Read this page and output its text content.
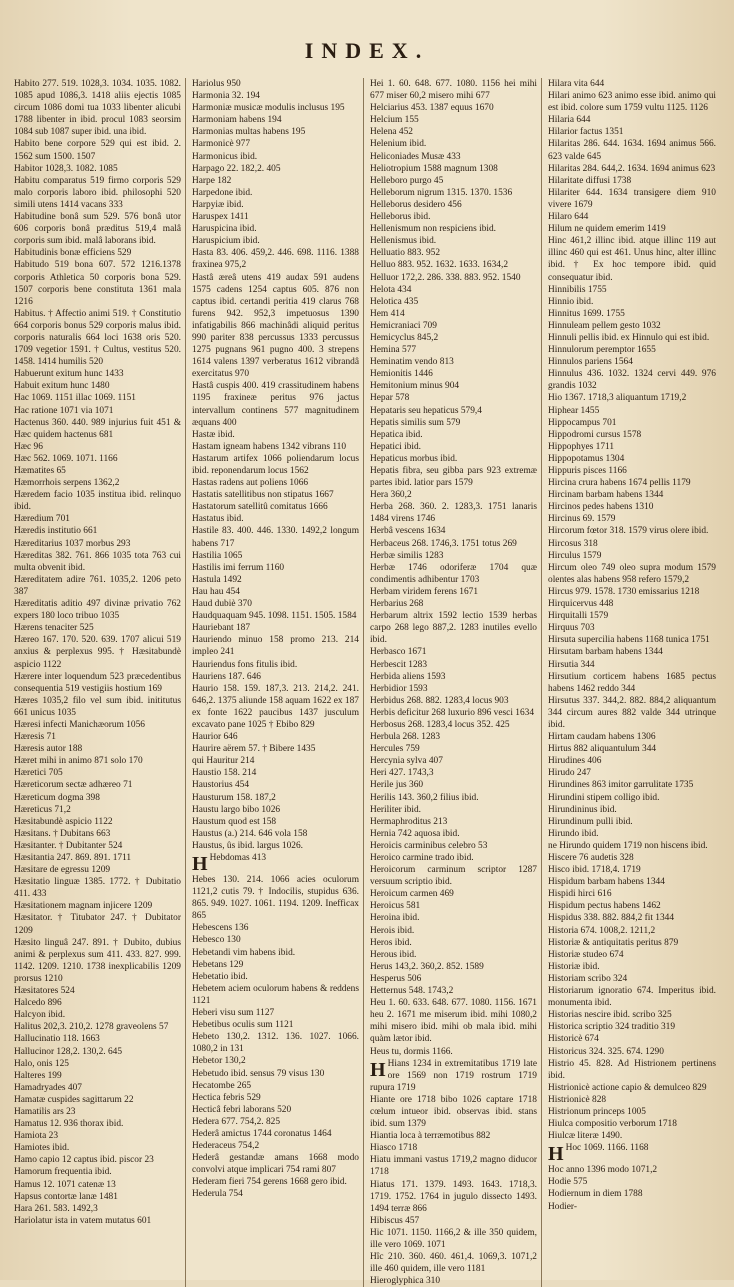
INDEX.
Habito 277. 519. 1028,3. 1034. 1035. 1082. 1085 apud 1086,3. 1418 aliis ejectis 1085 circum 1086 domi tua 1033 libenter alicubi 1788 libenter in ibid. procul 1083 seorsim 1084 sub 1087 super ibid. una ibid.
Habito bene corpore 529 qui est ibid. 2. 1562 sum 1500. 1507
Habitor 1028,3. 1082. 1085
Habitu comparatus 519 firmo corporis 529 malo corporis laboro ibid. philosophi 520 simili utens 1414 vacans 333
Habitudine bonâ sum 529. 576 bonâ utor 606 corporis bonâ præditus 519,4 malâ corporis sum ibid. malâ laborans ibid.
Habitudinis bonæ efficiens 529
Habitudo 519 bona 607. 572 1216.1378 corporis Athletica 50 corporis bona 529. 1507 corporis bene constituta 1361 mala 1216
Habitus. † Affectio animi 519. † Constitutio 664 corporis bonus 529 corporis malus ibid. corporis naturalis 664 loci 1638 oris 520. 1709 vegetior 1591. † Cultus, vestitus 520. 1458. 1414 humilis 520
Habuerunt exitum hunc 1433
Habuit exitum hunc 1480
Hac 1069. 1151 illac 1069. 1151
Hac ratione 1071 via 1071
Hactenus 360. 440. 989 injurius fuit 451 & Hæc quidem hactenus 681
Hæc 96
Hæc 562. 1069. 1071. 1166
Hæmatites 65
Hæmorrhois serpens 1362,2
Hæredem facio 1035 institua ibid. relinquo ibid.
Hæredium 701
Hæredis institutio 661
Hæreditarius 1037 morbus 293
Hæreditas 382. 761. 866 1035 tota 763 cui multa obvenit ibid.
Hæreditatem adire 761. 1035,2. 1206 peto 387
Hæreditatis aditio 497 divinæ privatio 762 expers 180 loco tribuo 1035
Hærens tenaciter 525
Hæreo 167. 170. 520. 639. 1707 alicui 519 anxius & perplexus 995. † Hæsitabundè aspicio 1122
Hærere inter loquendum 523 præcedentibus consequentia 519 vestigiis hostium 169
Hæres 1035,2 filo vel sum ibid. inititutus 661 unicus 1035
Hæresi infecti Manichæorum 1056
Hæresis 71
Hæresis autor 188
Hæret mihi in animo 871 solo 170
Hæretici 705
Hæreticorum sectæ adhæreo 71
Hæreticum dogma 398
Hæreticus 71,2
Hæsitabundè aspicio 1122
Hæsitans. † Dubitans 663
Hæsitanter. † Dubitanter 524
Hæsitantia 247. 869. 891. 1711
Hæsitare de egressu 1209
Hæsitatio linguæ 1385. 1772. † Dubitatio 411. 433
Hæsitationem magnam injicere 1209
Hæsitator. † Titubator 247. † Dubitator 1209
Hæsito linguâ 247. 891. † Dubito, dubius animi & perplexus sum 411. 433. 827. 999. 1142. 1209. 1210. 1738 inexplicabilis 1209 prorsus 1210
Hæsitatores 524
Halcedo 896
Halcyon ibid.
Halitus 202,3. 210,2. 1278 graveolens 57
Hallucinatio 118. 1663
Hallucinor 128,2. 130,2. 645
Halo, onis 125
Halteres 199
Hamadryades 407
Hamatæ cuspides sagittarum 22
Hamatilis ars 23
Hamatus 12. 936 thorax ibid.
Hamiota 23
Hamiotes ibid.
Hamo capio 12 captus ibid. piscor 23
Hamorum frequentia ibid.
Hamus 12. 1071 catenæ 13
Hapsus contortæ lanæ 1481
Hara 261. 583. 1492,3
Hariolatur ista in vatem mutatus 601
Hariolus 950
Harmonia 32. 194
Harmoniæ musicæ modulis inclusus 195
Harmoniam habens 194
Harmonias multas habens 195
Harmonicè 977
Harmonicus ibid.
Harpago 22. 182,2. 405
Harpe 182
Harpedone ibid.
Harpyiæ ibid.
Haruspex 1411
Haruspicina ibid.
Haruspicium ibid.
Hasta 83. 406. 459,2. 446. 698. 1116. 1388 fraxinea 975,2
Hastâ æreâ utens 419 audax 591 audens 1575 cadens 1254 captus 605. 876 non captus ibid. certandi peritia 419 clarus 768 furens 942. 952,3 impetuosus 1390 infatigabilis 866 machinâdi aliquid peritus 990 pariter 838 percussus 1333 percussus 1275 pugnans 961 pugno 400. 3 strepens 1614 valens 1397 verberatus 1612 vibrandâ exercitatus 970
Hastâ cuspis 400. 419 crassitudinem habens 1195 fraxineæ peritus 976 jactus intervallum continens 577 magnitudinem æquans 400
Hastæ ibid.
Hastam igneam habens 1342 vibrans 110
Hastarum artifex 1066 poliendarum locus ibid. reponendarum locus 1562
Hastas radens aut poliens 1066
Hastatis satellitibus non stipatus 1667
Hastatorum satellitû comitatus 1666
Hastatus ibid.
Hastile 83. 400. 446. 1330. 1492,2 longum habens 717
Hastilia 1065
Hastilis imi ferrum 1160
Hastula 1492
Hau hau 454
Haud dubiè 370
Haudquaquam 945. 1098. 1151. 1505. 1584
Hauriebant 187
Hauriendo minuo 158 promo 213. 214 impleo 241
Hauriendus fons fitulis ibid.
Hauriens 187. 646
Haurio 158. 159. 187,3. 213. 214,2. 241. 646,2. 1375 aliunde 158 aquam 1622 ex 187 ex fonte 1622 paucibus 1437 jusculum excavato pane 1025 † Ebibo 829
Haurior 646
Haurire aërem 57. † Bibere 1435
qui Hauritur 214
Haustio 158. 214
Haustorius 454
Hausturum 158. 187,2
Haustu largo bibo 1026
Haustum quod est 158
Haustus (a.) 214. 646 vola 158
Haustus, ûs ibid. largus 1026.
H Hebdomas 413
Hebes 130. 214. 1066 acies oculorum 1121,2 cutis 79. † Indocilis, stupidus 636. 865. 949. 1027. 1061. 1194. 1209. Inefficax 865
Hebescens 136
Hebesco 130
Hebetandi vim habens ibid.
Hebetans 129
Hebetatio ibid.
Hebetem aciem oculorum habens & reddens 1121
Heberi visu sum 1127
Hebetibus oculis sum 1121
Hebeto 130,2. 1312. 136. 1027. 1066. 1080,2 in 131
Hebetor 130,2
Hebetudo ibid. sensus 79 visus 130
Hecatombe 265
Hectica febris 529
Hecticâ febri laborans 520
Hedera 677. 754,2. 825
Hederâ amictus 1744 coronatus 1464
Hederaceus 754,2
Hederâ gestandæ amans 1668 modo convolvi atque implicari 754 rami 807
Hederam fieri 754 gerens 1668 gero ibid.
Hederula 754
Hei 1. 60. 648. 677. 1080. 1156 hei mihi 677 miser 60,2 misero mihi 677
Helciarius 453. 1387 equus 1670
Helcium 155
Helena 452
Helenium ibid.
Heliconiades Musæ 433
Heliotropium 1588 magnum 1308
Helleboro purgo 45
Helleborum nigrum 1315. 1370. 1536
Helleborus desidero 456
Helleborus ibid.
Hellenismum non respiciens ibid.
Hellenismus ibid.
Helluatio 883. 952
Helluo 883. 952. 1632. 1633. 1634,2
Helluor 172,2. 286. 338. 883. 952. 1540
Helota 434
Helotica 435
Hem 414
Hemicraniaci 709
Hemicyclus 845,2
Hemina 577
Heminatim vendo 813
Hemionitis 1446
Hemitonium minus 904
Hepar 578
Hepataris seu hepaticus 579,4
Hepatis similis sum 579
Hepatica ibid.
Hepatici ibid.
Hepaticus morbus ibid.
Hepatis fibra, seu gibba pars 923 extremæ partes ibid. latior pars 1579
Hera 360,2
Herba 268. 360. 2. 1283,3. 1751 lanaris 1484 virens 1746
Herbâ vescens 1634
Herbaceus 268. 1746,3. 1751 totus 269
Herbæ similis 1283
Herbæ 1746 odoriferæ 1704 quæ condimentis adhibentur 1703
Herbam viridem ferens 1671
Herbarius 268
Herbarum altrix 1592 lectio 1539 herbas carpo 268 lego 887,2. 1283 inutiles evello ibid.
Herbasco 1671
Herbescit 1283
Herbida aliens 1593
Herbidior 1593
Herbidus 268. 882. 1283,4 locus 903
Herbis deficitur 268 luxurio 896 vesci 1634
Herbosus 268. 1283,4 locus 352. 425
Herbula 268. 1283
Hercules 759
Hercynia sylva 407
Heri 427. 1743,3
Herile jus 360
Herilis 143. 360,2 filius ibid.
Heriliter ibid.
Hermaphroditus 213
Hernia 742 aquosa ibid.
Heroicis carminibus celebro 53
Heroico carmine trado ibid.
Heroicorum carminum scriptor 1287 versuum scriptio ibid.
Heroicum carmen 469
Heroicus 581
Heroina ibid.
Herois ibid.
Heros ibid.
Herous ibid.
Herus 143,2. 360,2. 852. 1589
Hesperus 506
Hetternus 548. 1743,2
Heu 1. 60. 633. 648. 677. 1080. 1156. 1671 heu 2. 1671 me miserum ibid. mihi 1080,2 mihi misero ibid. mihi ob mala ibid. mihi quàm lætor ibid.
Heus tu, dormis 1166.
H Hians 1234 in extremitatibus 1719 late ore 1569 non 1719 rostrum 1719 rupura 1719
Hiante ore 1718 bibo 1026 captare 1718 cœlum intueor ibid. observas ibid. stans ibid. sum 1379
Hiantia loca à terræmotibus 882
Hiasco 1718
Hiatu immani vastus 1719,2 magno diducor 1718
Hiatus 171. 1379. 1493. 1643. 1718,3. 1719. 1752. 1764 in jugulo dissecto 1493. 1494 terræ 866
Hibiscus 457
Hic 1071. 1150. 1166,2 & ille 350 quidem, ille vero 1069. 1071
Hîc 210. 360. 460. 461,4. 1069,3. 1071,2 ille 460 quidem, ille vero 1181
Hieroglyphica 310
Hilara vita 644
Hilari animo 623 animo esse ibid. animo qui est ibid. colore sum 1759 vultu 1125. 1126
Hilaria 644
Hilarior factus 1351
Hilaritas 286. 644. 1634. 1694 animus 566. 623 valde 645
Hilaritas 284. 644,2. 1634. 1694 animus 623
Hilaritate diffusi 1738
Hilariter 644. 1634 transigere diem 910 vivere 1679
Hilaro 644
Hilum ne quidem emerim 1419
Hinc 461,2 illinc ibid. atque illinc 119 aut illinc 460 qui est 461. Unus hinc, alter illinc ibid. † Ex hoc tempore ibid. quid consequatur ibid.
Hinnibilis 1755
Hinnio ibid.
Hinnitus 1699. 1755
Hinnuleam pellem gesto 1032
Hinnuli pellis ibid. ex Hinnulo qui est ibid.
Hinnulorum peremptor 1655
Hinnulos pariens 1564
Hinnulus 436. 1032. 1324 cervi 449. 976 grandis 1032
Hio 1367. 1718,3 aliquantum 1719,2
Hiphear 1455
Hippocampus 701
Hippodromi cursus 1578
Hippophyes 1711
Hippopotamus 1304
Hippuris pisces 1166
Hircina crura habens 1674 pellis 1179
Hircinam barbam habens 1344
Hircinos pedes habens 1310
Hircinus 69. 1579
Hircorum fœtor 318. 1579 virus olere ibid.
Hircosus 318
Hirculus 1579
Hircum oleo 749 oleo supra modum 1579 olentes alas habens 958 refero 1579,2
Hircus 979. 1578. 1730 emissarius 1218
Hirquicervus 448
Hirquitalli 1579
Hirquus 703
Hirsuta supercilia habens 1168 tunica 1751
Hirsutam barbam habens 1344
Hirsutia 344
Hirsutium corticem habens 1685 pectus habens 1462 reddo 344
Hirsutus 337. 344,2. 882. 884,2 aliquantum 344 circum aures 882 valde 344 utrinque ibid.
Hirtam caudam habens 1306
Hirtus 882 aliquantulum 344
Hirudines 406
Hirudo 247
Hirundines 863 imitor garrulitate 1735
Hirundini stipem colligo ibid.
Hirundininus ibid.
Hirundinum pulli ibid.
Hirundo ibid.
ne Hirundo quidem 1719 non hiscens ibid.
Hiscere 76 audetis 328
Hisco ibid. 1718,4. 1719
Hispidum barbam habens 1344
Hispidi hirci 616
Hispidum pectus habens 1462
Hispidus 338. 882. 884,2 fit 1344
Historia 674. 1008,2. 1211,2
Historiæ & antiquitatis peritus 879
Historiæ studeo 674
Historiæ ibid.
Historiam scribo 324
Historiarum ignoratio 674. Imperitus ibid. monumenta ibid.
Historias nescire ibid. scribo 325
Historica scriptio 324 traditio 319
Historicè 674
Historicus 324. 325. 674. 1290
Histrio 45. 828. Ad Histrionem pertinens ibid.
Histrionicè actione capio & demulceo 829
Histrionicè 828
Histrionum princeps 1005
Hiulca compositio verborum 1718
Hiulcæ literæ 1490.
H Hoc 1069. 1166. 1168
Hoc anno 1396 modo 1071,2
Hodie 575
Hodiernum in diem 1788
Hodier-
